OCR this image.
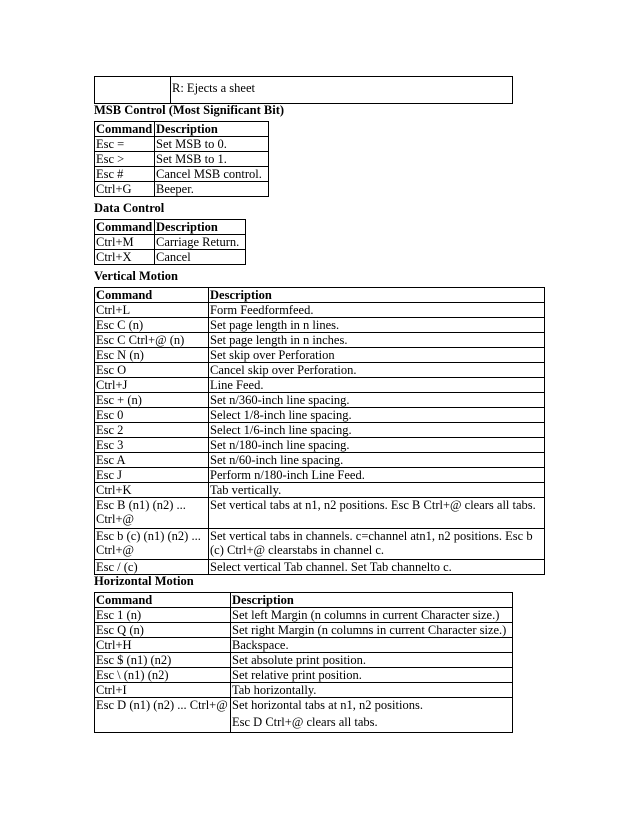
	R: Ejects a sheet
MSB Control (Most Significant Bit)
Command	Description
Esc =	Set MSB to 0.
Esc >	Set MSB to 1.
Esc #	Cancel MSB control.
Ctrl+G	Beeper.
Data Control
Command	Description
Ctrl+M	Carriage Return.
Ctrl+X	Cancel
Vertical Motion
Command	Description
Ctrl+L	Form Feedformfeed.
Esc C (n)	Set page length in n lines.
Esc C Ctrl+@ (n)	Set page length in n inches.
Esc N (n)	Set skip over Perforation
Esc O	Cancel skip over Perforation.
Ctrl+J	Line Feed.
Esc + (n)	Set n/360-inch line spacing.
Esc 0	Select 1/8-inch line spacing.
Esc 2	Select 1/6-inch line spacing.
Esc 3	Set n/180-inch line spacing.
Esc A	Set n/60-inch line spacing.
Esc J	Perform n/180-inch Line Feed.
Ctrl+K	Tab vertically.

Esc B (n1) (n2) ...
Ctrl+@	Set vertical tabs at n1, n2 positions. Esc B Ctrl+@ clears all tabs.

Esc b (c) (n1) (n2) ...
Ctrl+@	Set vertical tabs in channels. c=channel atn1, n2 positions. Esc b
(c) Ctrl+@ clearstabs in channel c.

Esc / (c)	Select vertical Tab channel. Set Tab channelto c.
Horizontal Motion
Command	Description
Esc 1 (n)	Set left Margin (n columns in current Character size.)
Esc Q (n)	Set right Margin (n columns in current Character size.)
Ctrl+H	Backspace.
Esc $ (n1) (n2)	Set absolute print position.
Esc \ (n1) (n2)	Set relative print position.
Ctrl+I	Tab horizontally.
Esc D (n1) (n2) ... Ctrl+@	Set horizontal tabs at n1, n2 positions.
Esc D Ctrl+@ clears all tabs.
